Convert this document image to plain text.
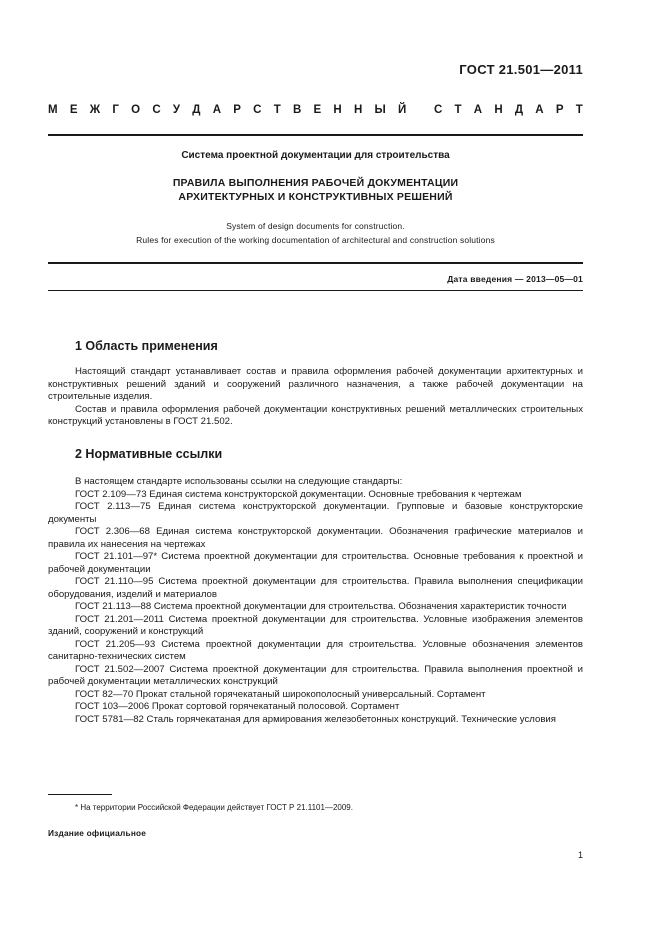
ГОСТ 21.501—2011
М Е Ж Г О С У Д А Р С Т В Е Н Н Ы Й
С Т А Н Д А Р Т
Система проектной документации для строительства
ПРАВИЛА ВЫПОЛНЕНИЯ РАБОЧЕЙ ДОКУМЕНТАЦИИ
АРХИТЕКТУРНЫХ И КОНСТРУКТИВНЫХ РЕШЕНИЙ
System of design documents for construction.
Rules for execution of the working documentation of architectural and construction solutions
Дата введения — 2013—05—01
1 Область применения

Настоящий стандарт устанавливает состав и правила оформления рабочей документации архитектурных и конструктивных решений зданий и сооружений различного назначения, а также рабочей документации на строительные изделия.

Состав и правила оформления рабочей документации конструктивных решений металлических строительных конструкций установлены в ГОСТ 21.502.

2 Нормативные ссылки

В настоящем стандарте использованы ссылки на следующие стандарты:

ГОСТ 2.109—73 Единая система конструкторской документации. Основные требования к чертежам

ГОСТ 2.113—75 Единая система конструкторской документации. Групповые и базовые конструкторские документы

ГОСТ 2.306—68 Единая система конструкторской документации. Обозначения графические материалов и правила их нанесения на чертежах

ГОСТ 21.101—97* Система проектной документации для строительства. Основные требования к проектной и рабочей документации

ГОСТ 21.110—95 Система проектной документации для строительства. Правила выполнения спецификации оборудования, изделий и материалов

ГОСТ 21.113—88 Система проектной документации для строительства. Обозначения характеристик точности

ГОСТ 21.201—2011 Система проектной документации для строительства. Условные изображения элементов зданий, сооружений и конструкций

ГОСТ 21.205—93 Система проектной документации для строительства. Условные обозначения элементов санитарно-технических систем

ГОСТ 21.502—2007 Система проектной документации для строительства. Правила выполнения проектной и рабочей документации металлических конструкций

ГОСТ 82—70 Прокат стальной горячекатаный широкополосный универсальный. Сортамент

ГОСТ 103—2006 Прокат сортовой горячекатаный полосовой. Сортамент

ГОСТ 5781—82 Сталь горячекатаная для армирования железобетонных конструкций. Технические условия

* На территории Российской Федерации действует ГОСТ Р 21.1101—2009.
Издание официальное
1
